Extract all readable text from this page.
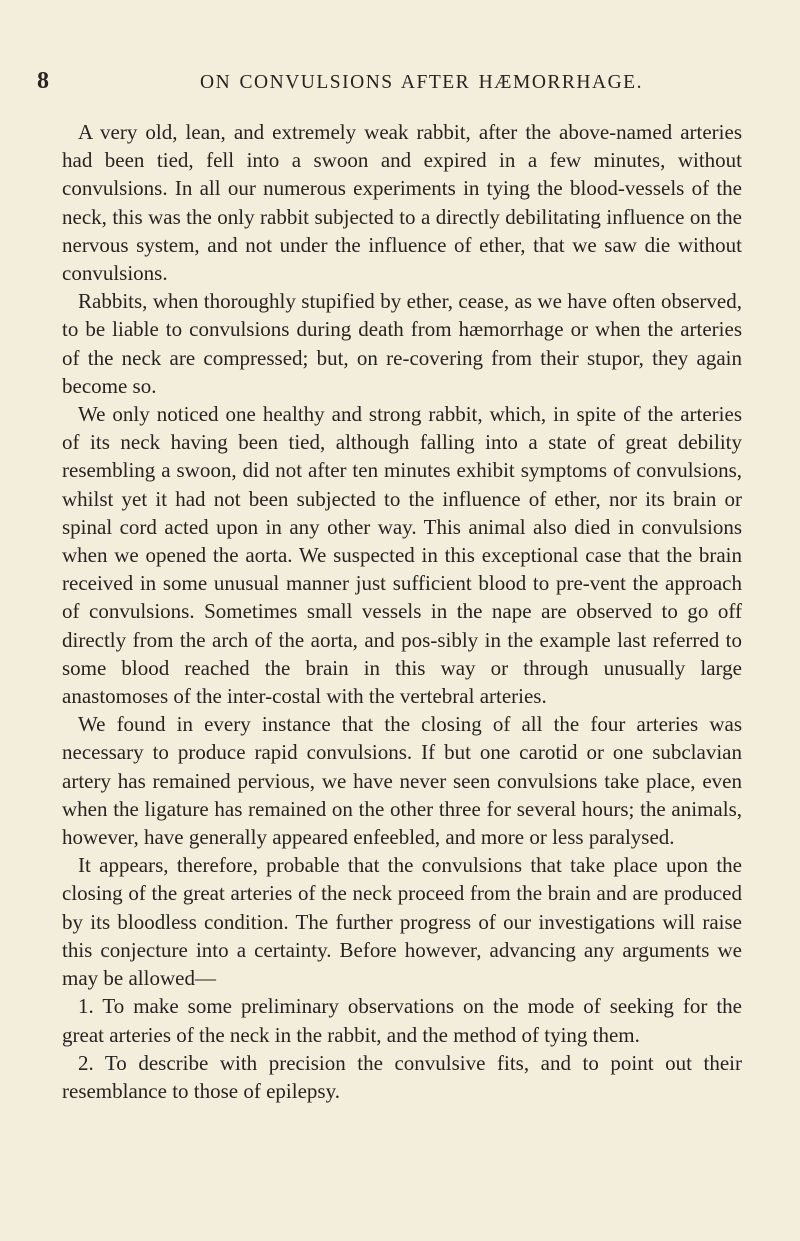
8	ON CONVULSIONS AFTER HÆMORRHAGE.

A very old, lean, and extremely weak rabbit, after the above-named arteries had been tied, fell into a swoon and expired in a few minutes, without convulsions. In all our numerous experiments in tying the blood-vessels of the neck, this was the only rabbit subjected to a directly debilitating influence on the nervous system, and not under the influence of ether, that we saw die without convulsions.

Rabbits, when thoroughly stupified by ether, cease, as we have often observed, to be liable to convulsions during death from hæmorrhage or when the arteries of the neck are compressed; but, on re-covering from their stupor, they again become so.

We only noticed one healthy and strong rabbit, which, in spite of the arteries of its neck having been tied, although falling into a state of great debility resembling a swoon, did not after ten minutes exhibit symptoms of convulsions, whilst yet it had not been subjected to the influence of ether, nor its brain or spinal cord acted upon in any other way. This animal also died in convulsions when we opened the aorta. We suspected in this exceptional case that the brain received in some unusual manner just sufficient blood to pre-vent the approach of convulsions. Sometimes small vessels in the nape are observed to go off directly from the arch of the aorta, and pos-sibly in the example last referred to some blood reached the brain in this way or through unusually large anastomoses of the inter-costal with the vertebral arteries.

We found in every instance that the closing of all the four arteries was necessary to produce rapid convulsions. If but one carotid or one subclavian artery has remained pervious, we have never seen convulsions take place, even when the ligature has remained on the other three for several hours; the animals, however, have generally appeared enfeebled, and more or less paralysed.

It appears, therefore, probable that the convulsions that take place upon the closing of the great arteries of the neck proceed from the brain and are produced by its bloodless condition. The further progress of our investigations will raise this conjecture into a certainty. Before however, advancing any arguments we may be allowed—

1. To make some preliminary observations on the mode of seeking for the great arteries of the neck in the rabbit, and the method of tying them.

2. To describe with precision the convulsive fits, and to point out their resemblance to those of epilepsy.
